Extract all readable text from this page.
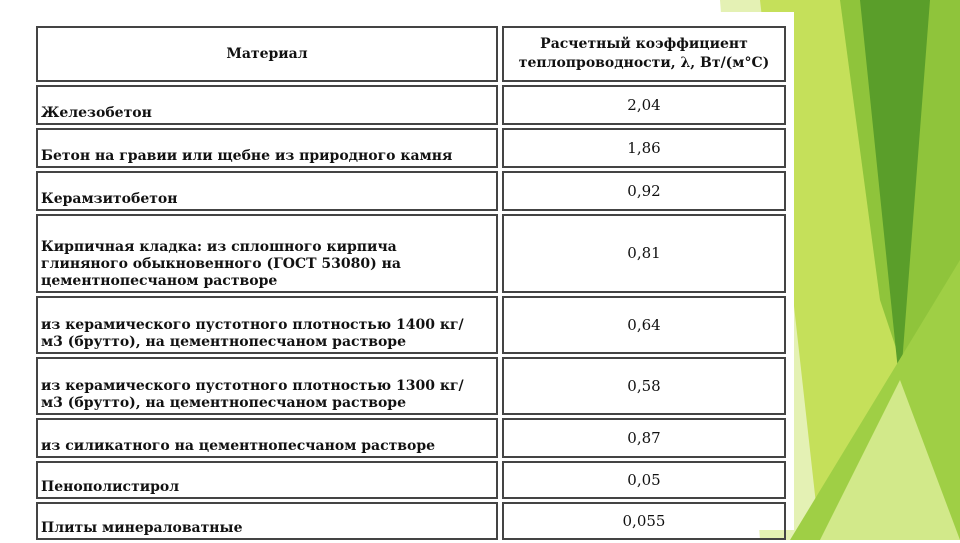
Материал	Расчетный коэффициент теплопроводности, λ, Вт/(м°С)
Железобетон	2,04
Бетон на гравии или щебне из природного камня	1,86
Керамзитобетон	0,92
Кирпичная кладка: из сплошного кирпича
глиняного обыкновенного (ГОСТ 53080) на
цементнопесчаном растворе	0,81
из керамического пустотного плотностью 1400 кг/
м3 (брутто), на цементнопесчаном растворе	0,64
из керамического пустотного плотностью 1300 кг/
м3 (брутто), на цементнопесчаном растворе	0,58
из силикатного на цементнопесчаном растворе	0,87
Пенополистирол	0,05
Плиты минераловатные	0,055
